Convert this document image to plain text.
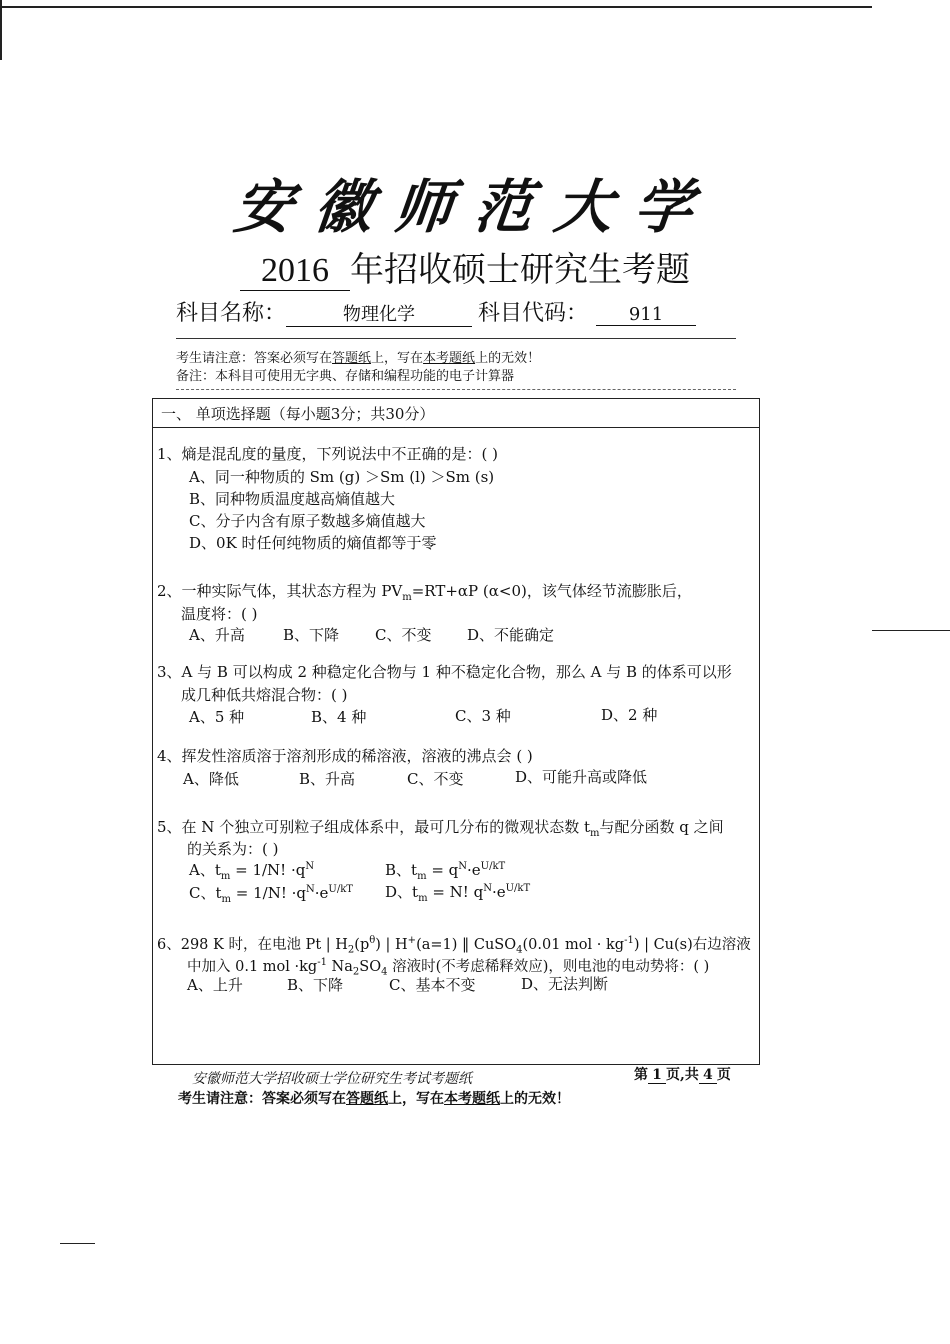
安徽师范大学
2016 年招收硕士研究生考题
科目名称：	物理化学	科目代码： 911
考生请注意：答案必须写在答题纸上，写在本考题纸上的无效！
备注：本科目可使用无字典、存储和编程功能的电子计算器
一、 单项选择题（每小题3分；共30分）
1、熵是混乱度的量度，下列说法中不正确的是：( )
A、同一种物质的 Sm (g) ＞Sm (l) ＞Sm (s)
B、同种物质温度越高熵值越大
C、分子内含有原子数越多熵值越大
D、0K 时任何纯物质的熵值都等于零
2、一种实际气体，其状态方程为 $PV_m=RT+\alpha P$ (α<0)，该气体经节流膨胀后，
温度将：( )
A、升高	B、下降 C、不变 D、不能确定
3、A 与 B 可以构成 2 种稳定化合物与 1 种不稳定化合物，那么 A 与 B 的体系可以形
成几种低共熔混合物：( )
A、5 种	B、4 种	C、3 种	D、2 种
4、挥发性溶质溶于溶剂形成的稀溶液，溶液的沸点会 ( )
A、降低	B、升高	C、不变	D、可能升高或降低
5、在 N 个独立可别粒子组成体系中，最可几分布的微观状态数 $t_m$与配分函数 q 之间
的关系为：( )
A、$t_m = 1/N$! $\cdot q^N$	B、$t_m = q^N\cdot e^{U/kT}$
C、$t_m = 1/N$! $\cdot q^N\cdot e^{U/kT}$ D、$t_m = N$! $q^N\cdot e^{U/kT}$
6、298 K 时，在电池 Pt | $H_2(p^\theta)$ | H+(a=1) ‖ CuSO$_4$(0.01 mol · $kg^{-1}$) | Cu(s)右边溶液
中加入 0.1 mol $\cdot kg^{-1}$ $Na_2SO_4$ 溶液时(不考虑稀释效应)，则电池的电动势将：( )
A、上升	B、下降	C、基本不变	D、无法判断
安徽师范大学招收硕士学位研究生考试考题纸	第 1 页,共 4 页
考生请注意：答案必须写在答题纸上，写在本考题纸上的无效！
